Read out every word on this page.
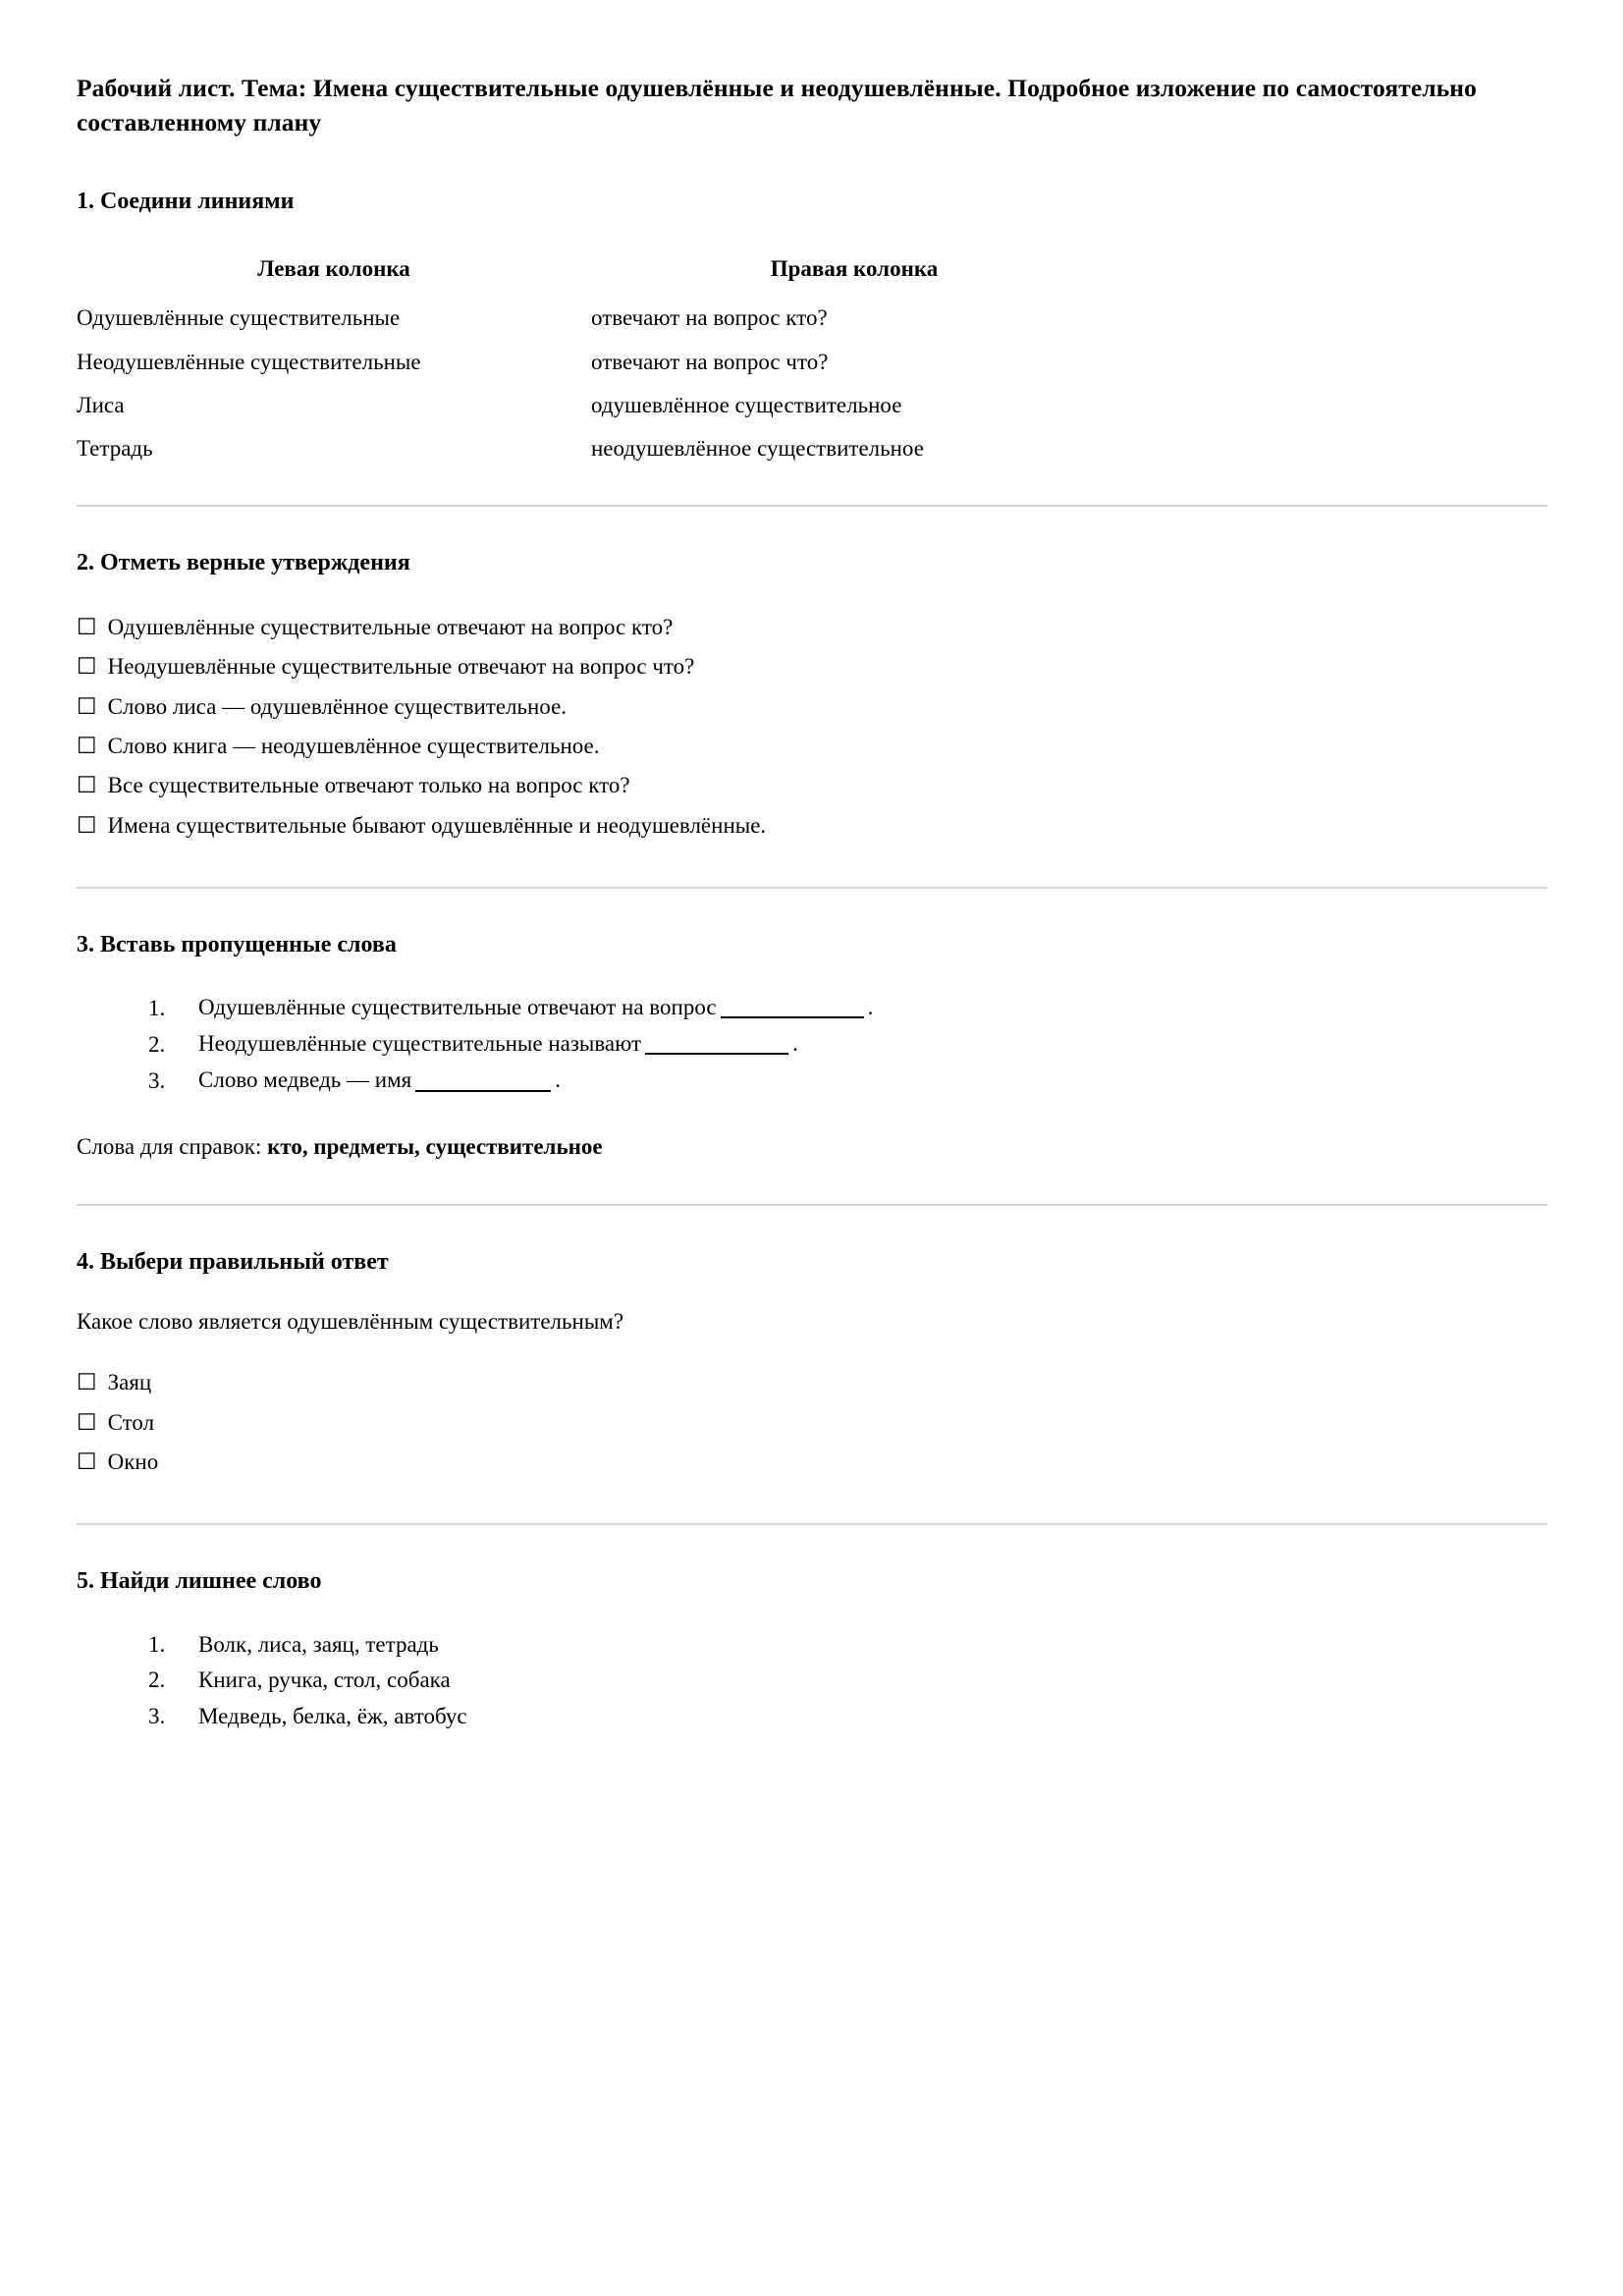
Рабочий лист. Тема: Имена существительные одушевлённые и неодушевлённые. Подробное изложение по самостоятельно составленному плану
1. Соедини линиями
Левая колонка	Правая колонка
Одушевлённые существительные	отвечают на вопрос кто?
Неодушевлённые существительные	отвечают на вопрос что?
Лиса	одушевлённое существительное
Тетрадь	неодушевлённое существительное
2. Отметь верные утверждения
☐ Одушевлённые существительные отвечают на вопрос кто?
☐ Неодушевлённые существительные отвечают на вопрос что?
☐ Слово лиса — одушевлённое существительное.
☐ Слово книга — неодушевлённое существительное.
☐ Все существительные отвечают только на вопрос кто?
☐ Имена существительные бывают одушевлённые и неодушевлённые.
3. Вставь пропущенные слова
1. Одушевлённые существительные отвечают на вопрос	.
2. Неодушевлённые существительные называют	.
3. Слово медведь — имя	.

Слова для справок: кто, предметы, существительное

4. Выбери правильный ответ

Какое слово является одушевлённым существительным?

☐ Заяц
☐ Стол
☐ Окно
5. Найди лишнее слово
1. Волк, лиса, заяц, тетрадь
2. Книга, ручка, стол, собака
3. Медведь, белка, ёж, автобус
